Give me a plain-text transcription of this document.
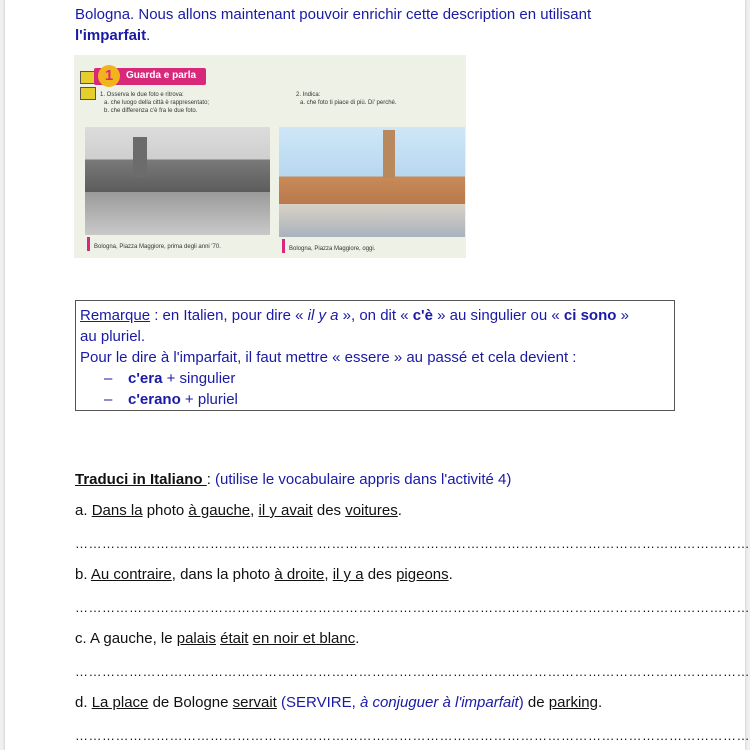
Bologna. Nous allons maintenant pouvoir enrichir cette description en utilisant
l'imparfait.
1	Guarda e parla
1. Osserva le due foto e ritrova:
a. che luogo della città è rappresentato;
b. che differenza c'è fra le due foto.
2. Indica:
a. che foto ti piace di più. Di' perché.
Bologna, Piazza Maggiore, prima degli anni '70.	Bologna, Piazza Maggiore, oggi.
Remarque : en Italien, pour dire « il y a », on dit « c'è » au singulier ou « ci sono »
au pluriel.
Pour le dire à l'imparfait, il faut mettre « essere » au passé et cela devient :
– c'era + singulier
– c'erano + pluriel
Traduci in Italiano : (utilise le vocabulaire appris dans l'activité 4)
a. Dans la photo à gauche, il y avait des voitures.
……………………………………………………………………………………………………………………………………
b. Au contraire, dans la photo à droite, il y a des pigeons.
……………………………………………………………………………………………………………………………………
c. A gauche, le palais était en noir et blanc.
……………………………………………………………………………………………………………………………………
d. La place de Bologne servait (SERVIRE, à conjuguer à l'imparfait) de parking.
……………………………………………………………………………………………………………………………………
